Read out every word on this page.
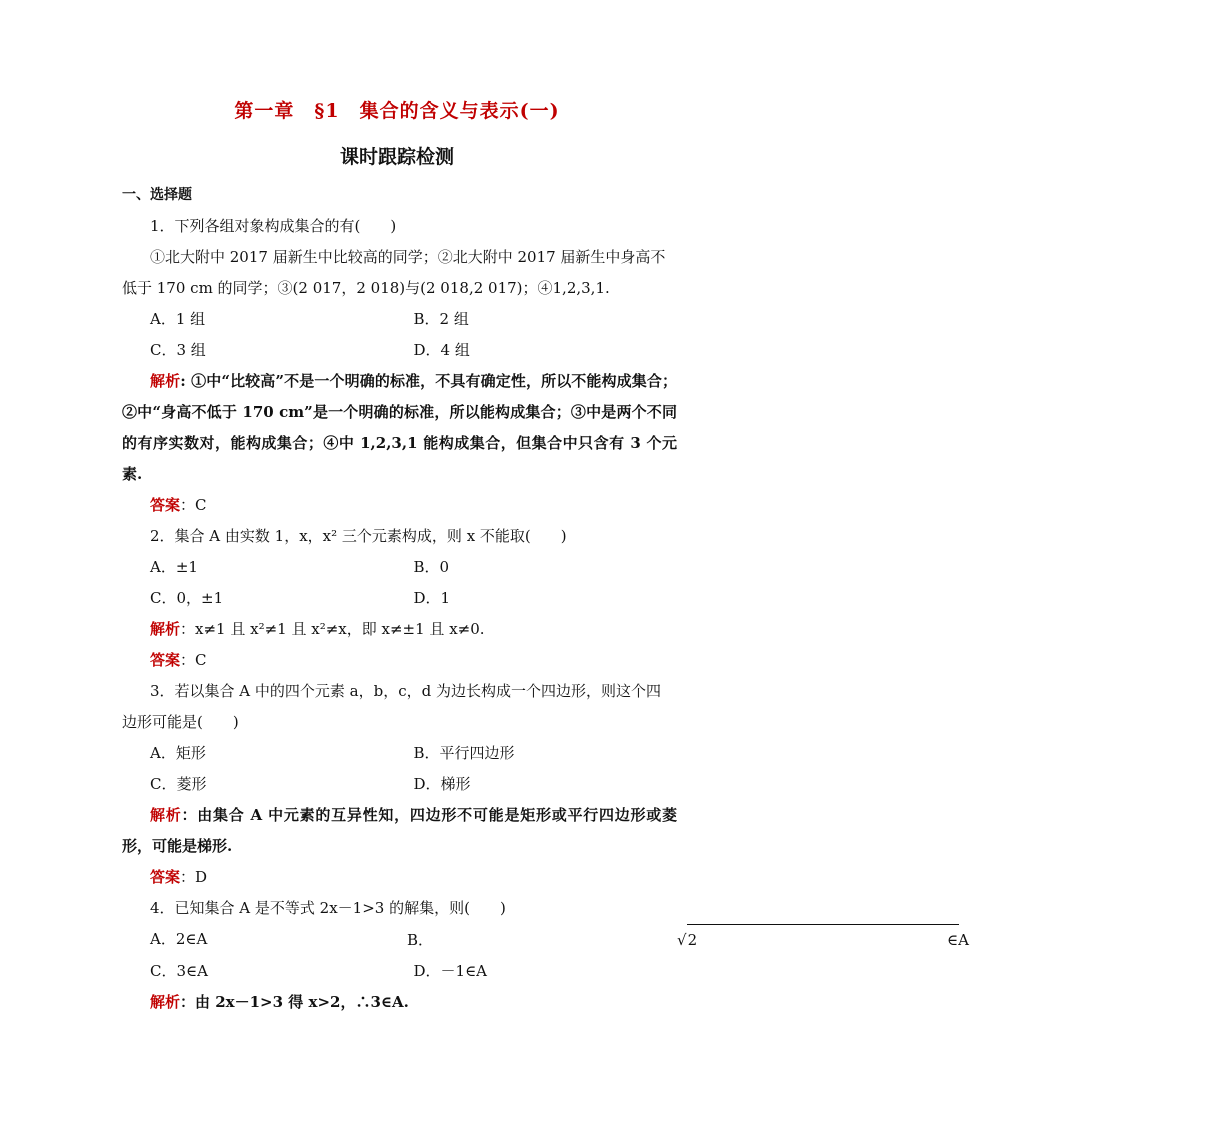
第一章　§1　集合的含义与表示(一)
课时跟踪检测
一、选择题
1．下列各组对象构成集合的有(　　)
①北大附中 2017 届新生中比较高的同学；②北大附中 2017 届新生中身高不
低于 170 cm 的同学；③(2 017，2 018)与(2 018,2 017)；④1,2,3,1.
A．1 组	B．2 组
C．3 组	D．4 组
解析: ①中“比较高”不是一个明确的标准，不具有确定性，所以不能构成集合；②中“身高不低于 170 cm”是一个明确的标准，所以能构成集合；③中是两个不同的有序实数对，能构成集合；④中 1,2,3,1 能构成集合，但集合中只含有 3 个元素.
答案：C
2．集合 A 由实数 1，x，x² 三个元素构成，则 x 不能取(　　)
A．±1	B．0
C．0，±1	D．1
解析：x≠1 且 x²≠1 且 x²≠x，即 x≠±1 且 x≠0.
答案：C
3．若以集合 A 中的四个元素 a，b，c，d 为边长构成一个四边形，则这个四
边形可能是(　　)
A．矩形	B．平行四边形
C．菱形	D．梯形
解析：由集合 A 中元素的互异性知，四边形不可能是矩形或平行四边形或菱形，可能是梯形.
答案：D
4．已知集合 A 是不等式 2x－1>3 的解集，则(　　)
A．2∈A	B．	√2	∈A
C．3∈A	D．－1∈A
解析：由 2x－1>3 得 x>2，∴3∈A.
